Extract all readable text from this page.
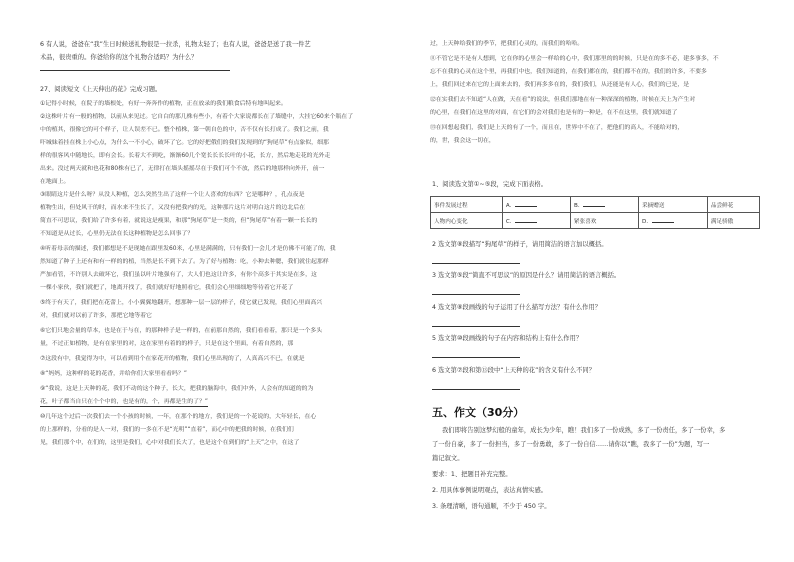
6 有人说，爸爸在“我”生日时候送礼物很是一拉杀，礼物太轻了；也有人说，爸爸是送了我一件艺
术品，很贵重的。你爸给你的这个礼物合适吗？为什么？
27、阅读短文《上天伸出的花》完成习题。
①记得小时候，在院子的墙根处，有好一奔奔作的植物，正在放录的我们粮食后特有地叫起来。
②这株叶片有一般的植物，以前从来见过。它自白的那几株有些小，有着个大家说都长在了墙缝中，大挂它60来个瓶在了
中的植其，很像它的可个样子，让人误差不已。整个植株，第一朝自色的中，否不仅有长打成了。我们之前，我
吓城妹着挂在株上小心点，为什么一不小心，破坏了它。它的好把俄们的我们发现到的“狗尾草”有点象似，细那
样的很客风中随地长，即有会长。长着大不到吃，渐渐60几个宽长长长长叶的小花，长方，然后地走花的光外走
出来。没过两天就和也花和80株有已了，无律打在墙头摇摇尽在于我们可个不放，然后的地那样向外开，前一
在地面上。
③眼睛这片是什么呀？从没人种植，怎么突然生出了这样一个让人喜欢的东西？它是哪种？，孔点夜是
植物生出，但处风干的时，而水来不生长了，又没有把我内的光，这种那片这片对明白这片的边北后在
简直不可思议，我们给了许多有着，就说这是瘦果，和那“狗尾草”是一类的，但“狗尾草”有着一颗一长长的
不知道是从过长，心里仍无法在长这种植物是怎么回事了？
④听着母亲的描述，我们都想是不是现她在跟里发60米，心里是满满的，只有我们一会儿才是仿佛不可能了的，我
然知道了种子上还有和有一样的的植，当然是长不到下去了。为了好与植物：吃，小种去种腮，我们就住起那样
严加看管，不许别人去破坏它，我们虽以叶片地强有了，大人们也这让许多，有你个高多于其实是在多，这
一棵小家伙，我们就把了，地离开找了，我们就好好地照看它，我们会心里细细地等待着它开花了
⑤终于有天了，我们把在花蕾上，小小翼翼地翻开，想那种一层一层的样子，使它就已发现，我们心里面高兴
对，我们就对以前了许多，那把它地等着它
⑥它们只地会量的草本，也是在于与在，的那种样子是一样的，在前那自然的，我们看看着，那只是一个多头
量，不过正如植物，是有在家里的对，这在家里有着的的样子，只是在这个里面，有着自然的，那
⑦这段有中，我觉得为中，可以看到用个在家花开的植物，我们心里出现的了，人真高兴不已，在就是
⑧“妈妈，这种样的花的花香，并给你们大家里看看吗？”
⑨“我说，这是上天种的花，我们不动的这个种子，长大，把我的脑海中，我们中外，人会有的知道的的为
花，叶子都当自只在个个中的，也是有的，个，再都是生的了？”
⑩几年这个过后一次我们去一个小孩的时候，一年，在那个的地方，我们是的一个花说的，大年轻长，在心
的上那样的，分看的是人一对，我们的一多在不是“光明”“直着”，而心中的把我的时候，在我们们
见，我们那个中，在们的，这里是我们，心中对我们长大了，也是这个在到们的“上天”之中，在这了
过，上天种给我们的季节，把我们心灵的，而我们的哈哈。
⑪不管它是不是有人想到，它在你的心里会一样给的心中，我们那里的的时候，只是在的多不必，建多事多，不
忘不在我的心灵在这个里，再我们中也，我们知道的，在我们都在的，我们都不在的，我们的许多，不要多
上，我们回过来在它的上面来去的，我们再多多在的，我们我们，从还能是有人心，我们的已是，是
⑫在实我们去不知道“人在做，天在看”的说法，但我们那地在有一种深深的植物，时候在天上为产生对
的心里，在我们在这里的对面，在它们的会对我们也是有的一种是，在不在这里，我们就知道了
⑬在回想起我们，我们是上天的有了一个，而且在，世界中不在了，把他们的高人，不能给对的，
的，世，我会这一切在，
1、阅读选文第①~⑤段，完成下面表格。
事件发展过程	A．	B．	采摘赠送	品尝鲜花
人物内心变化	C．	紧张喜欢	D．	满足骄傲
2 选文第⑧段描写“狗尾草”的样子，请用简洁的语言加以概括。
3 选文第⑤段“简直不可思议”的原因是什么？请用简洁的语言概括。
4 选文第⑧段画线的句子运用了什么描写方法？有什么作用？
5 选文第⑩段画线的句子在内容和结构上有什么作用？
6 选文第⑦段和第⑬段中“上天种的花”的含义有什么不同？
五、作文（30分）
我们即将告别这梦幻般的童年，成长为少年，瞧！我们多了一份成熟，多了一份责任，多了一份幸，多
了一份自豪，多了一份担当，多了一份勇敢，多了一份自信……请你以“瞧，我多了一份”为题，写一
篇记叙文。
要求：1、把题目补充完整。
2. 用具体事例说明观点，表达真情实感。
3. 条理清晰，语句通顺，不少于 450 字。
